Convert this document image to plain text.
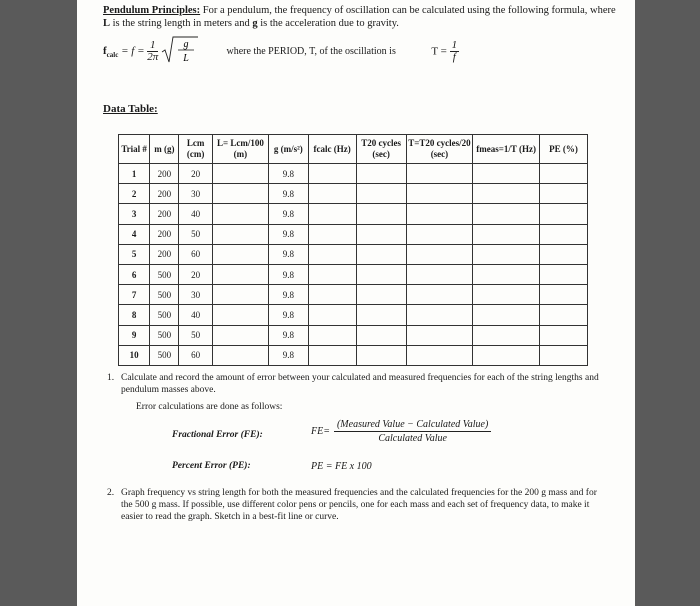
Pendulum Principles: For a pendulum, the frequency of oscillation can be calculated using the following formula, where L is the string length in meters and g is the acceleration due to gravity.
$f_{calc} = f = \frac{1}{2\pi}$
	g
L
where the PERIOD, T, of the oscillation is	$T = \frac{1}{f}$
Data Table:
Trial #	m (g)	Lcm (cm)	L= Lcm/100 (m)	g (m/s²)	fcalc (Hz)	T20 cycles (sec)	T=T20 cycles/20 (sec)	fmeas=1/T (Hz)	PE (%)
1	200	20		9.8					
2	200	30		9.8					
3	200	40		9.8					
4	200	50		9.8					
5	200	60		9.8					
6	500	20		9.8					
7	500	30		9.8					
8	500	40		9.8					
9	500	50		9.8					
10	500	60		9.8					
1. Calculate and record the amount of error between your calculated and measured frequencies for each of the string lengths and pendulum masses above.
Error calculations are done as follows:
Fractional Error (FE):	$FE= \frac{\text{(Measured Value − Calculated Value)}}{\text{Calculated Value}}$
Percent Error (PE):	PE = FE x 100
2. Graph frequency vs string length for both the measured frequencies and the calculated frequencies for the 200 g mass and for the 500 g mass. If possible, use different color pens or pencils, one for each mass and each set of frequency data, to make it easier to read the graph. Sketch in a best-fit line or curve.
